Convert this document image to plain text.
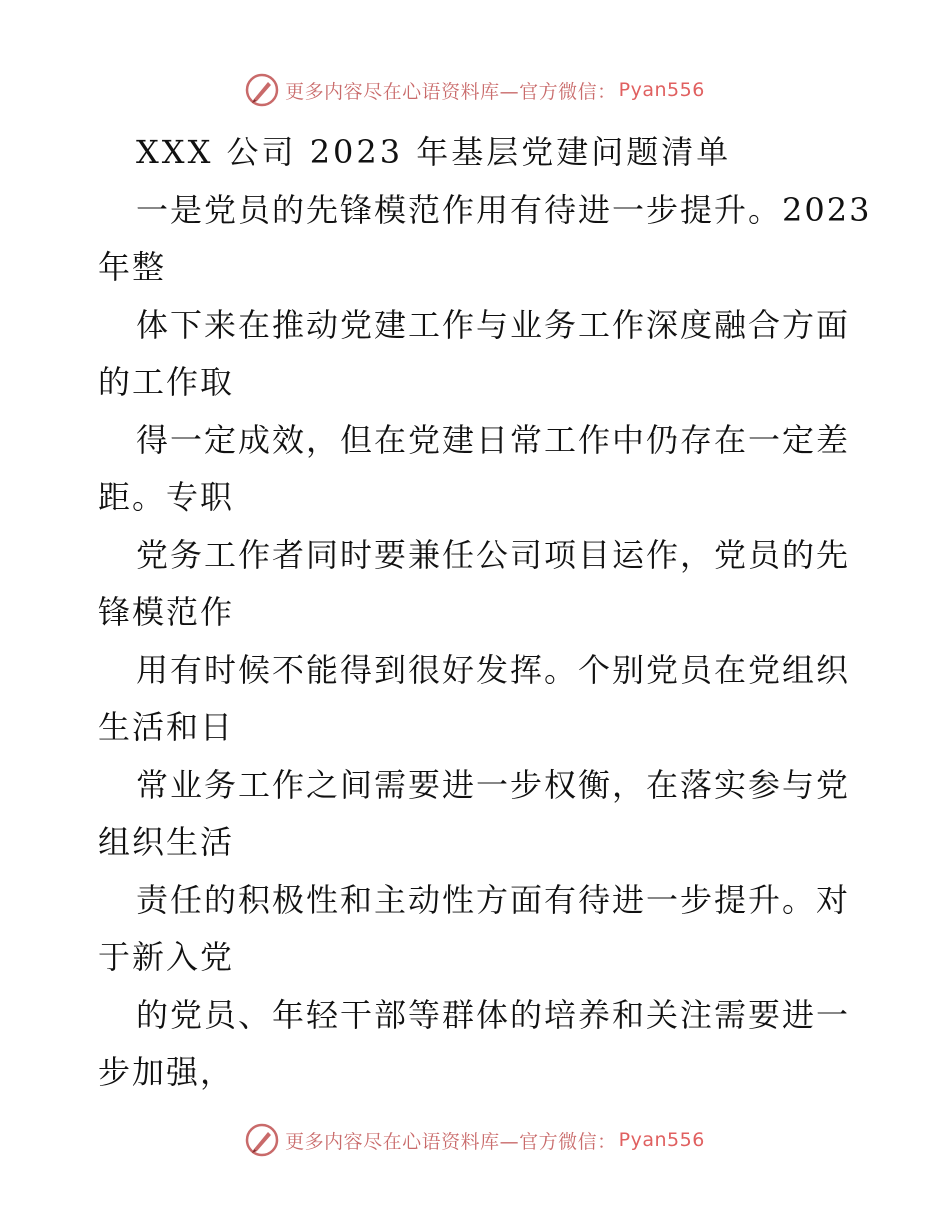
更多内容尽在心语资料库—官方微信： Pyan556
XXX 公司 2023 年基层党建问题清单
一是党员的先锋模范作用有待进一步提升。2023
年整
体下来在推动党建工作与业务工作深度融合方面
的工作取
得一定成效，但在党建日常工作中仍存在一定差
距。专职
党务工作者同时要兼任公司项目运作，党员的先
锋模范作
用有时候不能得到很好发挥。个别党员在党组织
生活和日
常业务工作之间需要进一步权衡，在落实参与党
组织生活
责任的积极性和主动性方面有待进一步提升。对
于新入党
的党员、年轻干部等群体的培养和关注需要进一
步加强，
更多内容尽在心语资料库—官方微信： Pyan556
